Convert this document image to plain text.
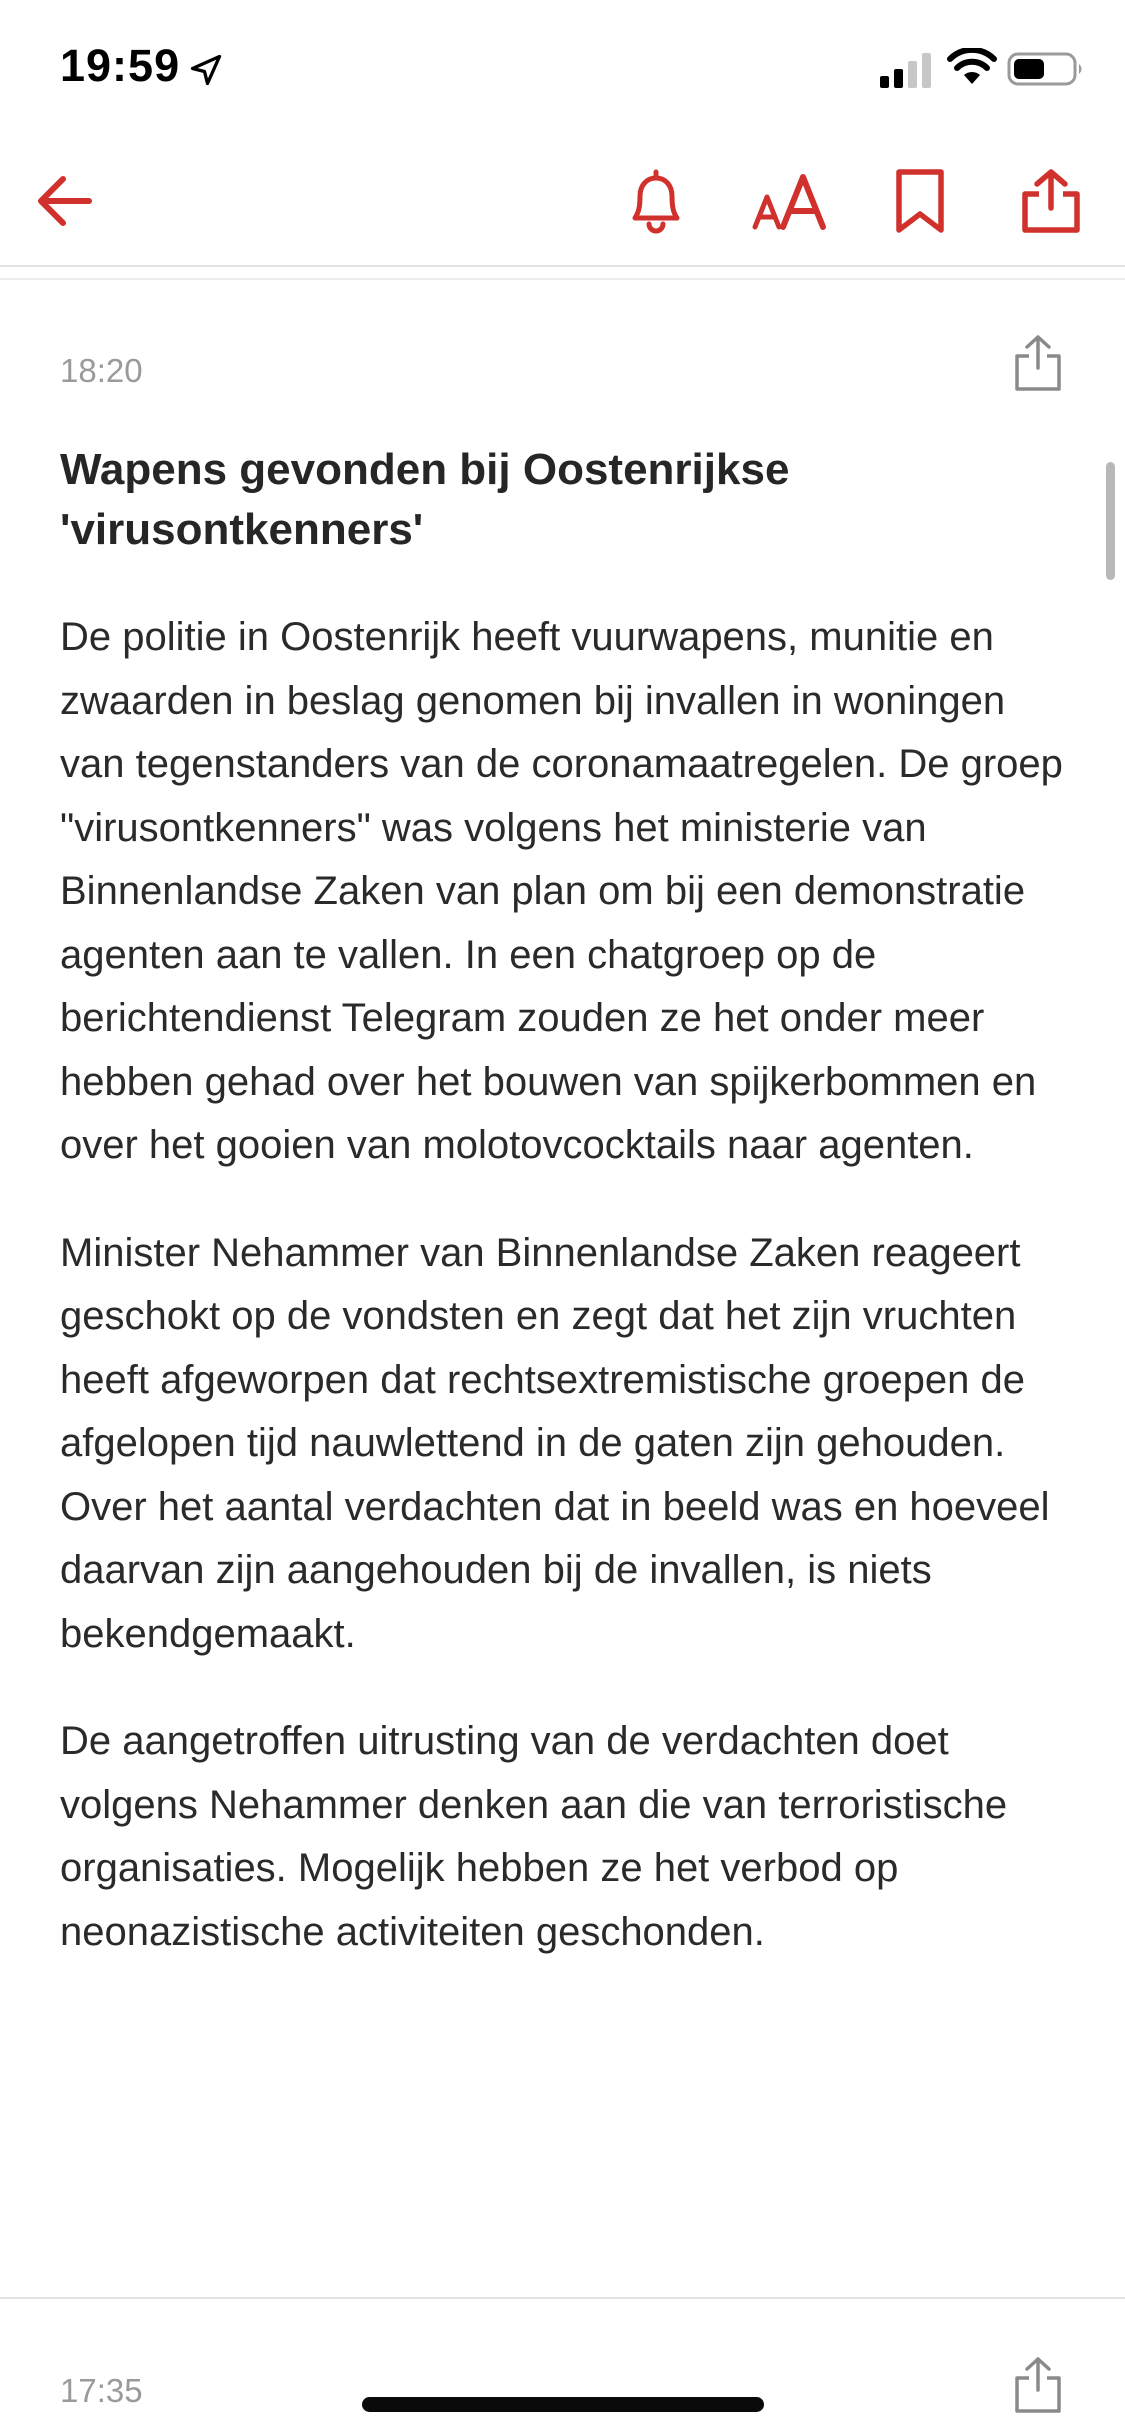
19:59
18:20
Wapens gevonden bij Oostenrijkse 'virusontkenners'

De politie in Oostenrijk heeft vuurwapens, munitie en zwaarden in beslag genomen bij invallen in woningen van tegenstanders van de coronamaatregelen. De groep "virusontkenners" was volgens het ministerie van Binnenlandse Zaken van plan om bij een demonstratie agenten aan te vallen. In een chatgroep op de berichtendienst Telegram zouden ze het onder meer hebben gehad over het bouwen van spijkerbommen en over het gooien van molotovcocktails naar agenten.

Minister Nehammer van Binnenlandse Zaken reageert geschokt op de vondsten en zegt dat het zijn vruchten heeft afgeworpen dat rechtsextremistische groepen de afgelopen tijd nauwlettend in de gaten zijn gehouden. Over het aantal verdachten dat in beeld was en hoeveel daarvan zijn aangehouden bij de invallen, is niets bekendgemaakt.

De aangetroffen uitrusting van de verdachten doet volgens Nehammer denken aan die van terroristische organisaties. Mogelijk hebben ze het verbod op neonazistische activiteiten geschonden.

17:35
